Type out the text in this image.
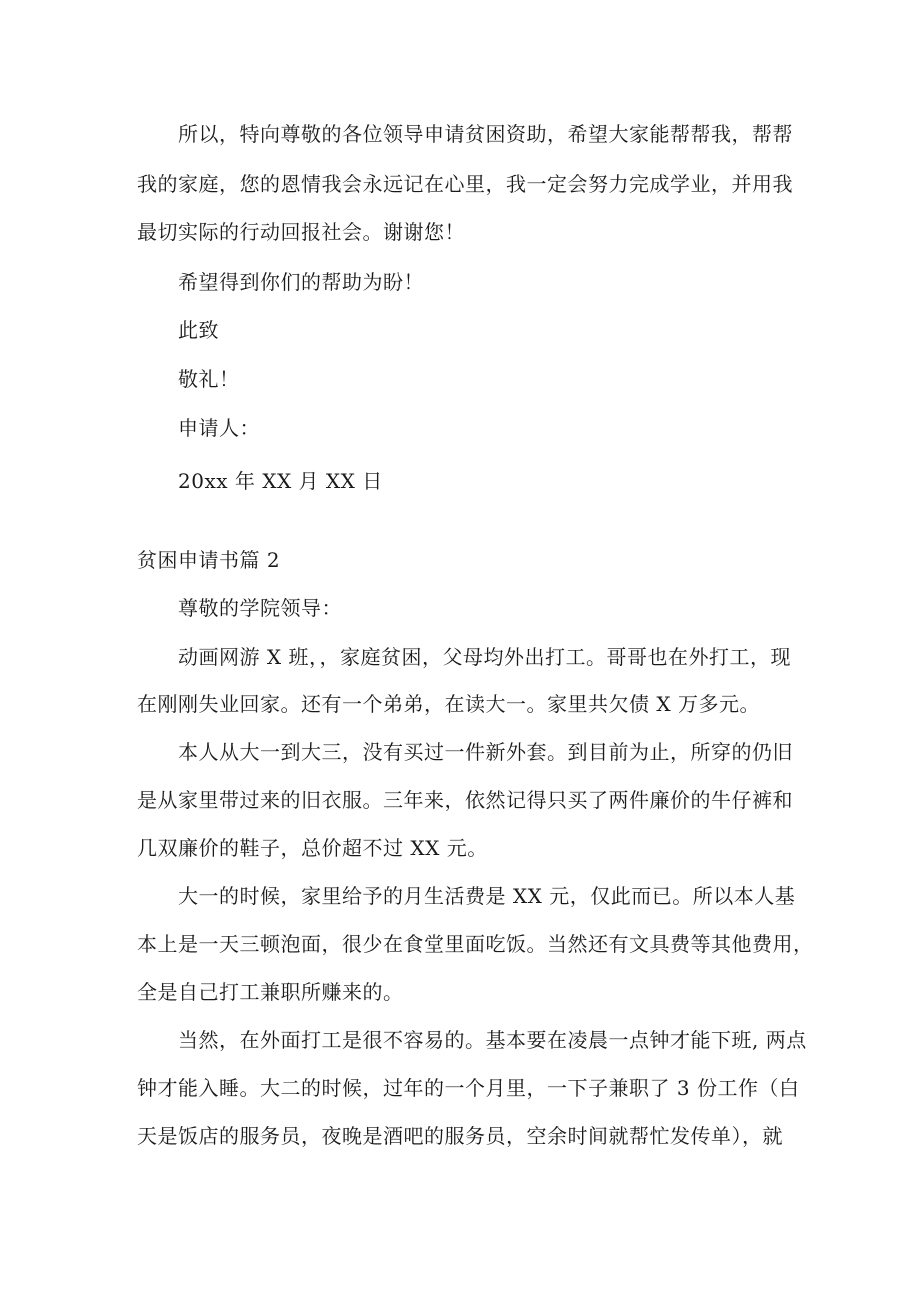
所以，特向尊敬的各位领导申请贫困资助，希望大家能帮帮我，帮帮
我的家庭，您的恩情我会永远记在心里，我一定会努力完成学业，并用我
最切实际的行动回报社会。谢谢您！
希望得到你们的帮助为盼！
此致
敬礼！
申请人：
20xx 年 XX 月 XX 日
贫困申请书篇 2
尊敬的学院领导：
动画网游 X 班，，家庭贫困，父母均外出打工。哥哥也在外打工，现
在刚刚失业回家。还有一个弟弟，在读大一。家里共欠债 X 万多元。
本人从大一到大三，没有买过一件新外套。到目前为止，所穿的仍旧
是从家里带过来的旧衣服。三年来，依然记得只买了两件廉价的牛仔裤和
几双廉价的鞋子，总价超不过 XX 元。
大一的时候，家里给予的月生活费是 XX 元，仅此而已。所以本人基
本上是一天三顿泡面，很少在食堂里面吃饭。当然还有文具费等其他费用，
全是自己打工兼职所赚来的。
当然，在外面打工是很不容易的。基本要在凌晨一点钟才能下班, 两点
钟才能入睡。大二的时候，过年的一个月里，一下子兼职了 3 份工作（白
天是饭店的服务员，夜晚是酒吧的服务员，空余时间就帮忙发传单），就
